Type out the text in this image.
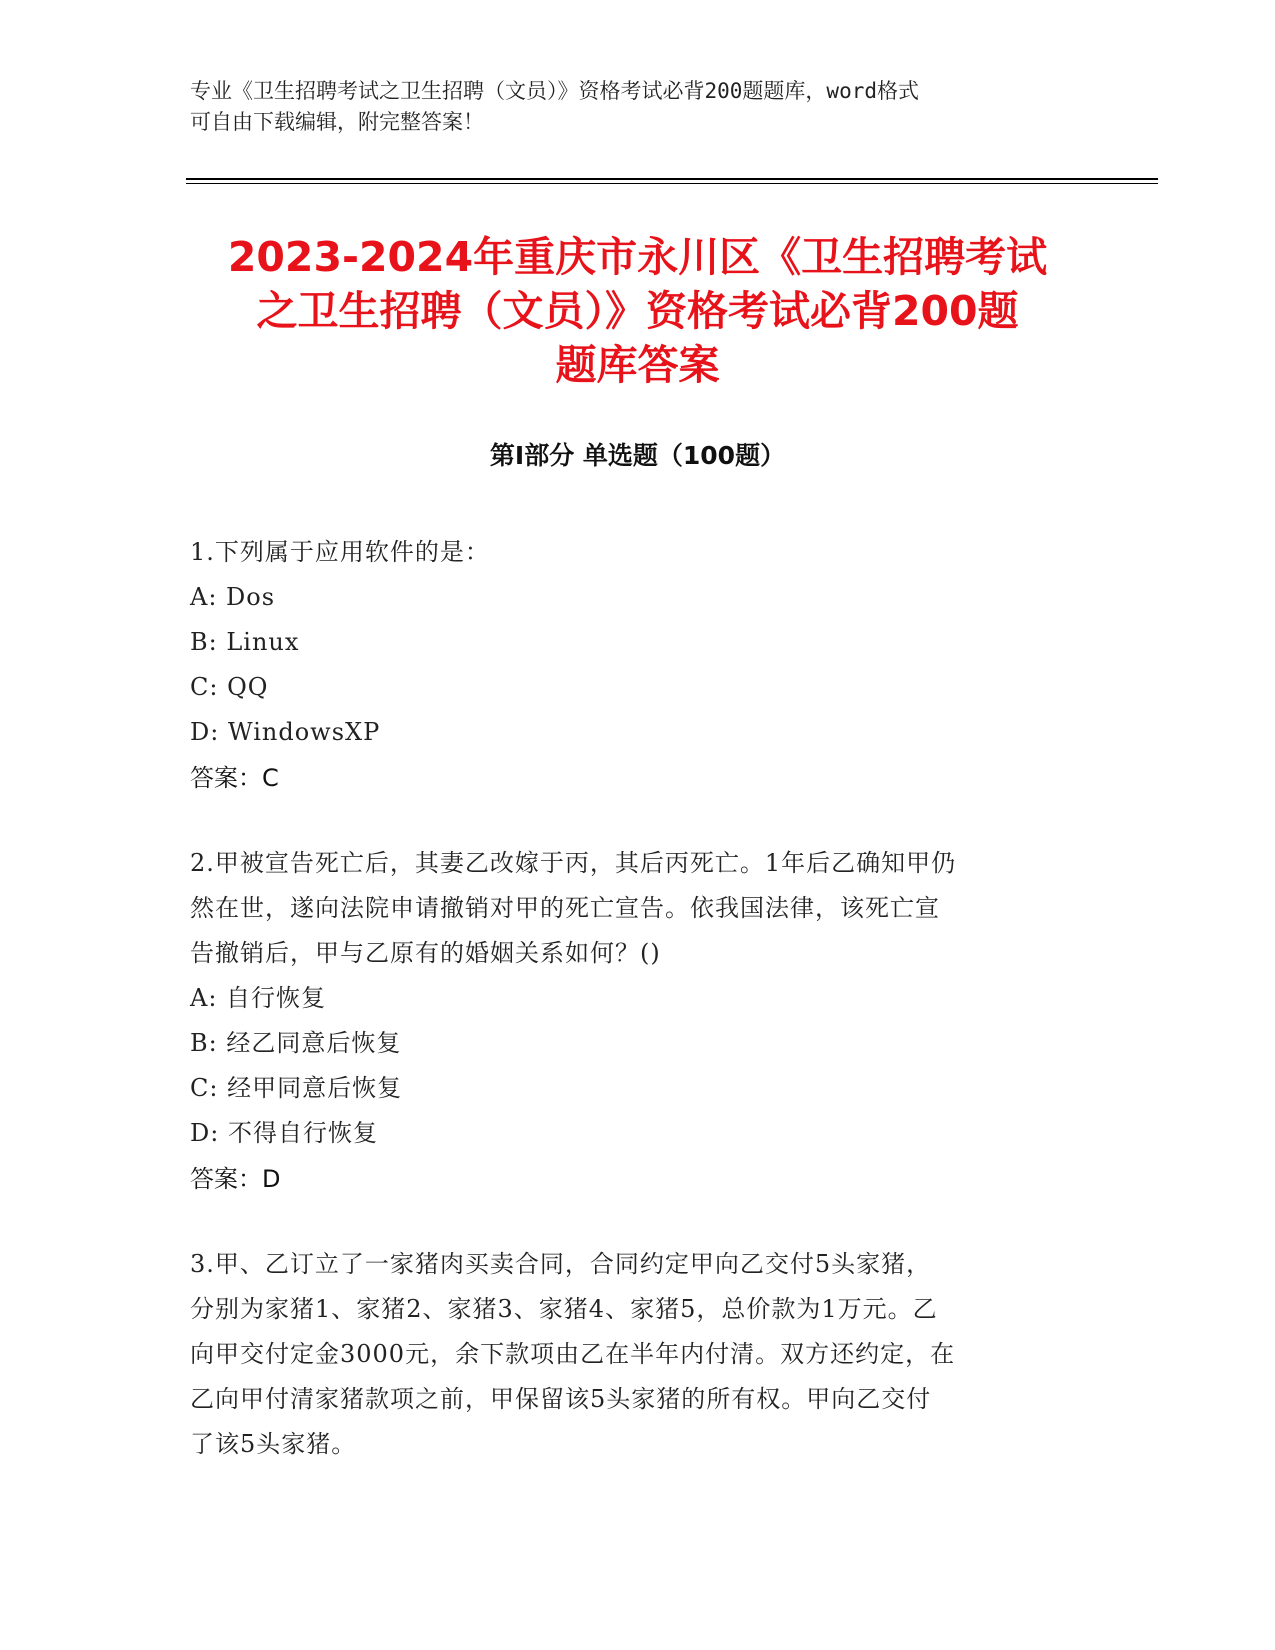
专业《卫生招聘考试之卫生招聘（文员）》资格考试必背200题题库，word格式

可自由下载编辑，附完整答案！

2023-2024年重庆市永川区《卫生招聘考试
之卫生招聘（文员）》资格考试必背200题
题库答案
第Ⅰ部分 单选题（100题）

1.下列属于应用软件的是：

A: Dos

B: Linux

C: QQ

D: WindowsXP

答案：C

2.甲被宣告死亡后，其妻乙改嫁于丙，其后丙死亡。1年后乙确知甲仍

然在世，遂向法院申请撤销对甲的死亡宣告。依我国法律，该死亡宣

告撤销后，甲与乙原有的婚姻关系如何？()

A: 自行恢复

B: 经乙同意后恢复

C: 经甲同意后恢复

D: 不得自行恢复

答案：D

3.甲、乙订立了一家猪肉买卖合同，合同约定甲向乙交付5头家猪，

分别为家猪1、家猪2、家猪3、家猪4、家猪5，总价款为1万元。乙

向甲交付定金3000元，余下款项由乙在半年内付清。双方还约定，在

乙向甲付清家猪款项之前，甲保留该5头家猪的所有权。甲向乙交付

了该5头家猪。
